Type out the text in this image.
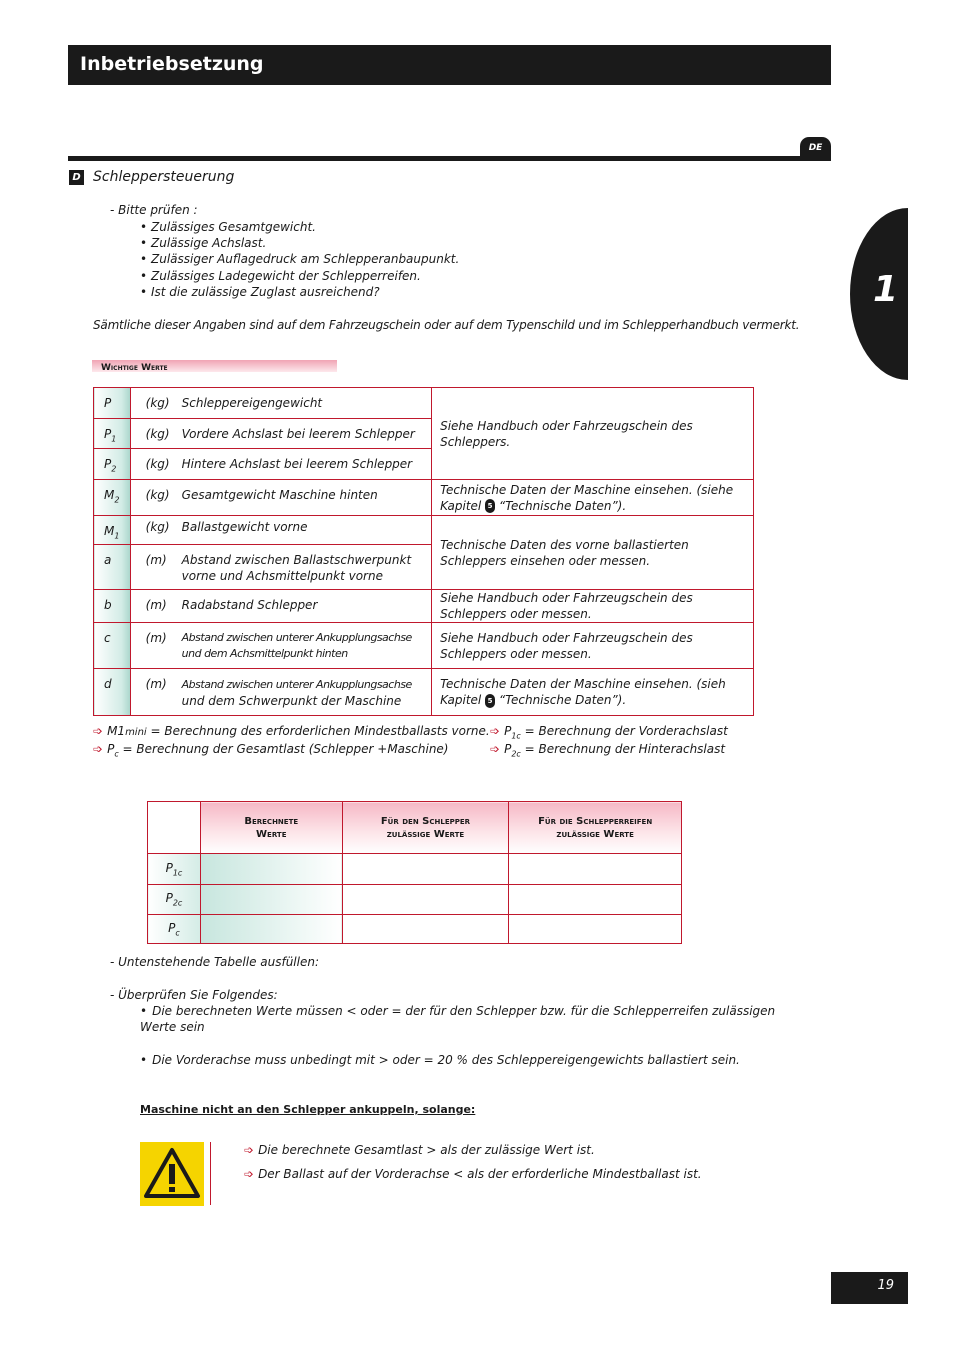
Inbetriebsetzung
DE
1
D Schleppersteuerung
- Bitte prüfen :
• Zulässiges Gesamtgewicht.
• Zulässige Achslast.
• Zulässiger Auflagedruck am Schlepperanbaupunkt.
• Zulässiges Ladegewicht der Schlepperreifen.
• Ist die zulässige Zuglast ausreichend?
Sämtliche dieser Angaben sind auf dem Fahrzeugschein oder auf dem Typenschild und im Schlepperhandbuch vermerkt.
Wichtige Werte
P	(kg) Schleppereigengewicht	Siehe Handbuch oder Fahrzeugschein des Schleppers.
$P_1$	(kg) Vordere Achslast bei leerem Schlepper	

$P_2$	(kg) Hintere Achslast bei leerem Schlepper	

$M_2$	(kg) Gesamtgewicht Maschine hinten	Technische Daten der Maschine einsehen. (siehe Kapitel 5 “Technische Daten”).
$M_1$	(kg) Ballastgewicht vorne	Technische Daten des vorne ballastierten Schleppers einsehen oder messen.
a	(m) Abstand zwischen Ballastschwerpunkt vorne und Achsmittelpunkt vorne	

b	(m) Radabstand Schlepper	Siehe Handbuch oder Fahrzeugschein des Schleppers oder messen.
c	(m) Abstand zwischen unterer Ankupplungsachse und dem Achsmittelpunkt hinten	Siehe Handbuch oder Fahrzeugschein des Schleppers oder messen.
d	(m) Abstand zwischen unterer Ankupplungsachse
und dem Schwerpunkt der Maschine	Technische Daten der Maschine einsehen. (sieh Kapitel 5 “Technische Daten”).
➩ M1mini = Berechnung des erforderlichen Mindestballasts vorne.
➩ $P_c$ = Berechnung der Gesamtlast (Schlepper +Maschine)
➩ $P_{1c}$ = Berechnung der Vorderachslast
➩ $P_{2c}$ = Berechnung der Hinterachslast
	Berechnete
Werte	Für den Schlepper
zulässige Werte	Für die Schlepperreifen
zulässige Werte
$P_{1c}$			
$P_{2c}$			
$P_c$			
- Untenstehende Tabelle ausfüllen:
- Überprüfen Sie Folgendes:
• Die berechneten Werte müssen < oder = der für den Schlepper bzw. für die Schlepperreifen zulässigen Werte sein
• Die Vorderachse muss unbedingt mit > oder = 20 % des Schleppereigengewichts ballastiert sein.
Maschine nicht an den Schlepper ankuppeln, solange:
➩ Die berechnete Gesamtlast > als der zulässige Wert ist.
➩ Der Ballast auf der Vorderachse < als der erforderliche Mindestballast ist.
19
